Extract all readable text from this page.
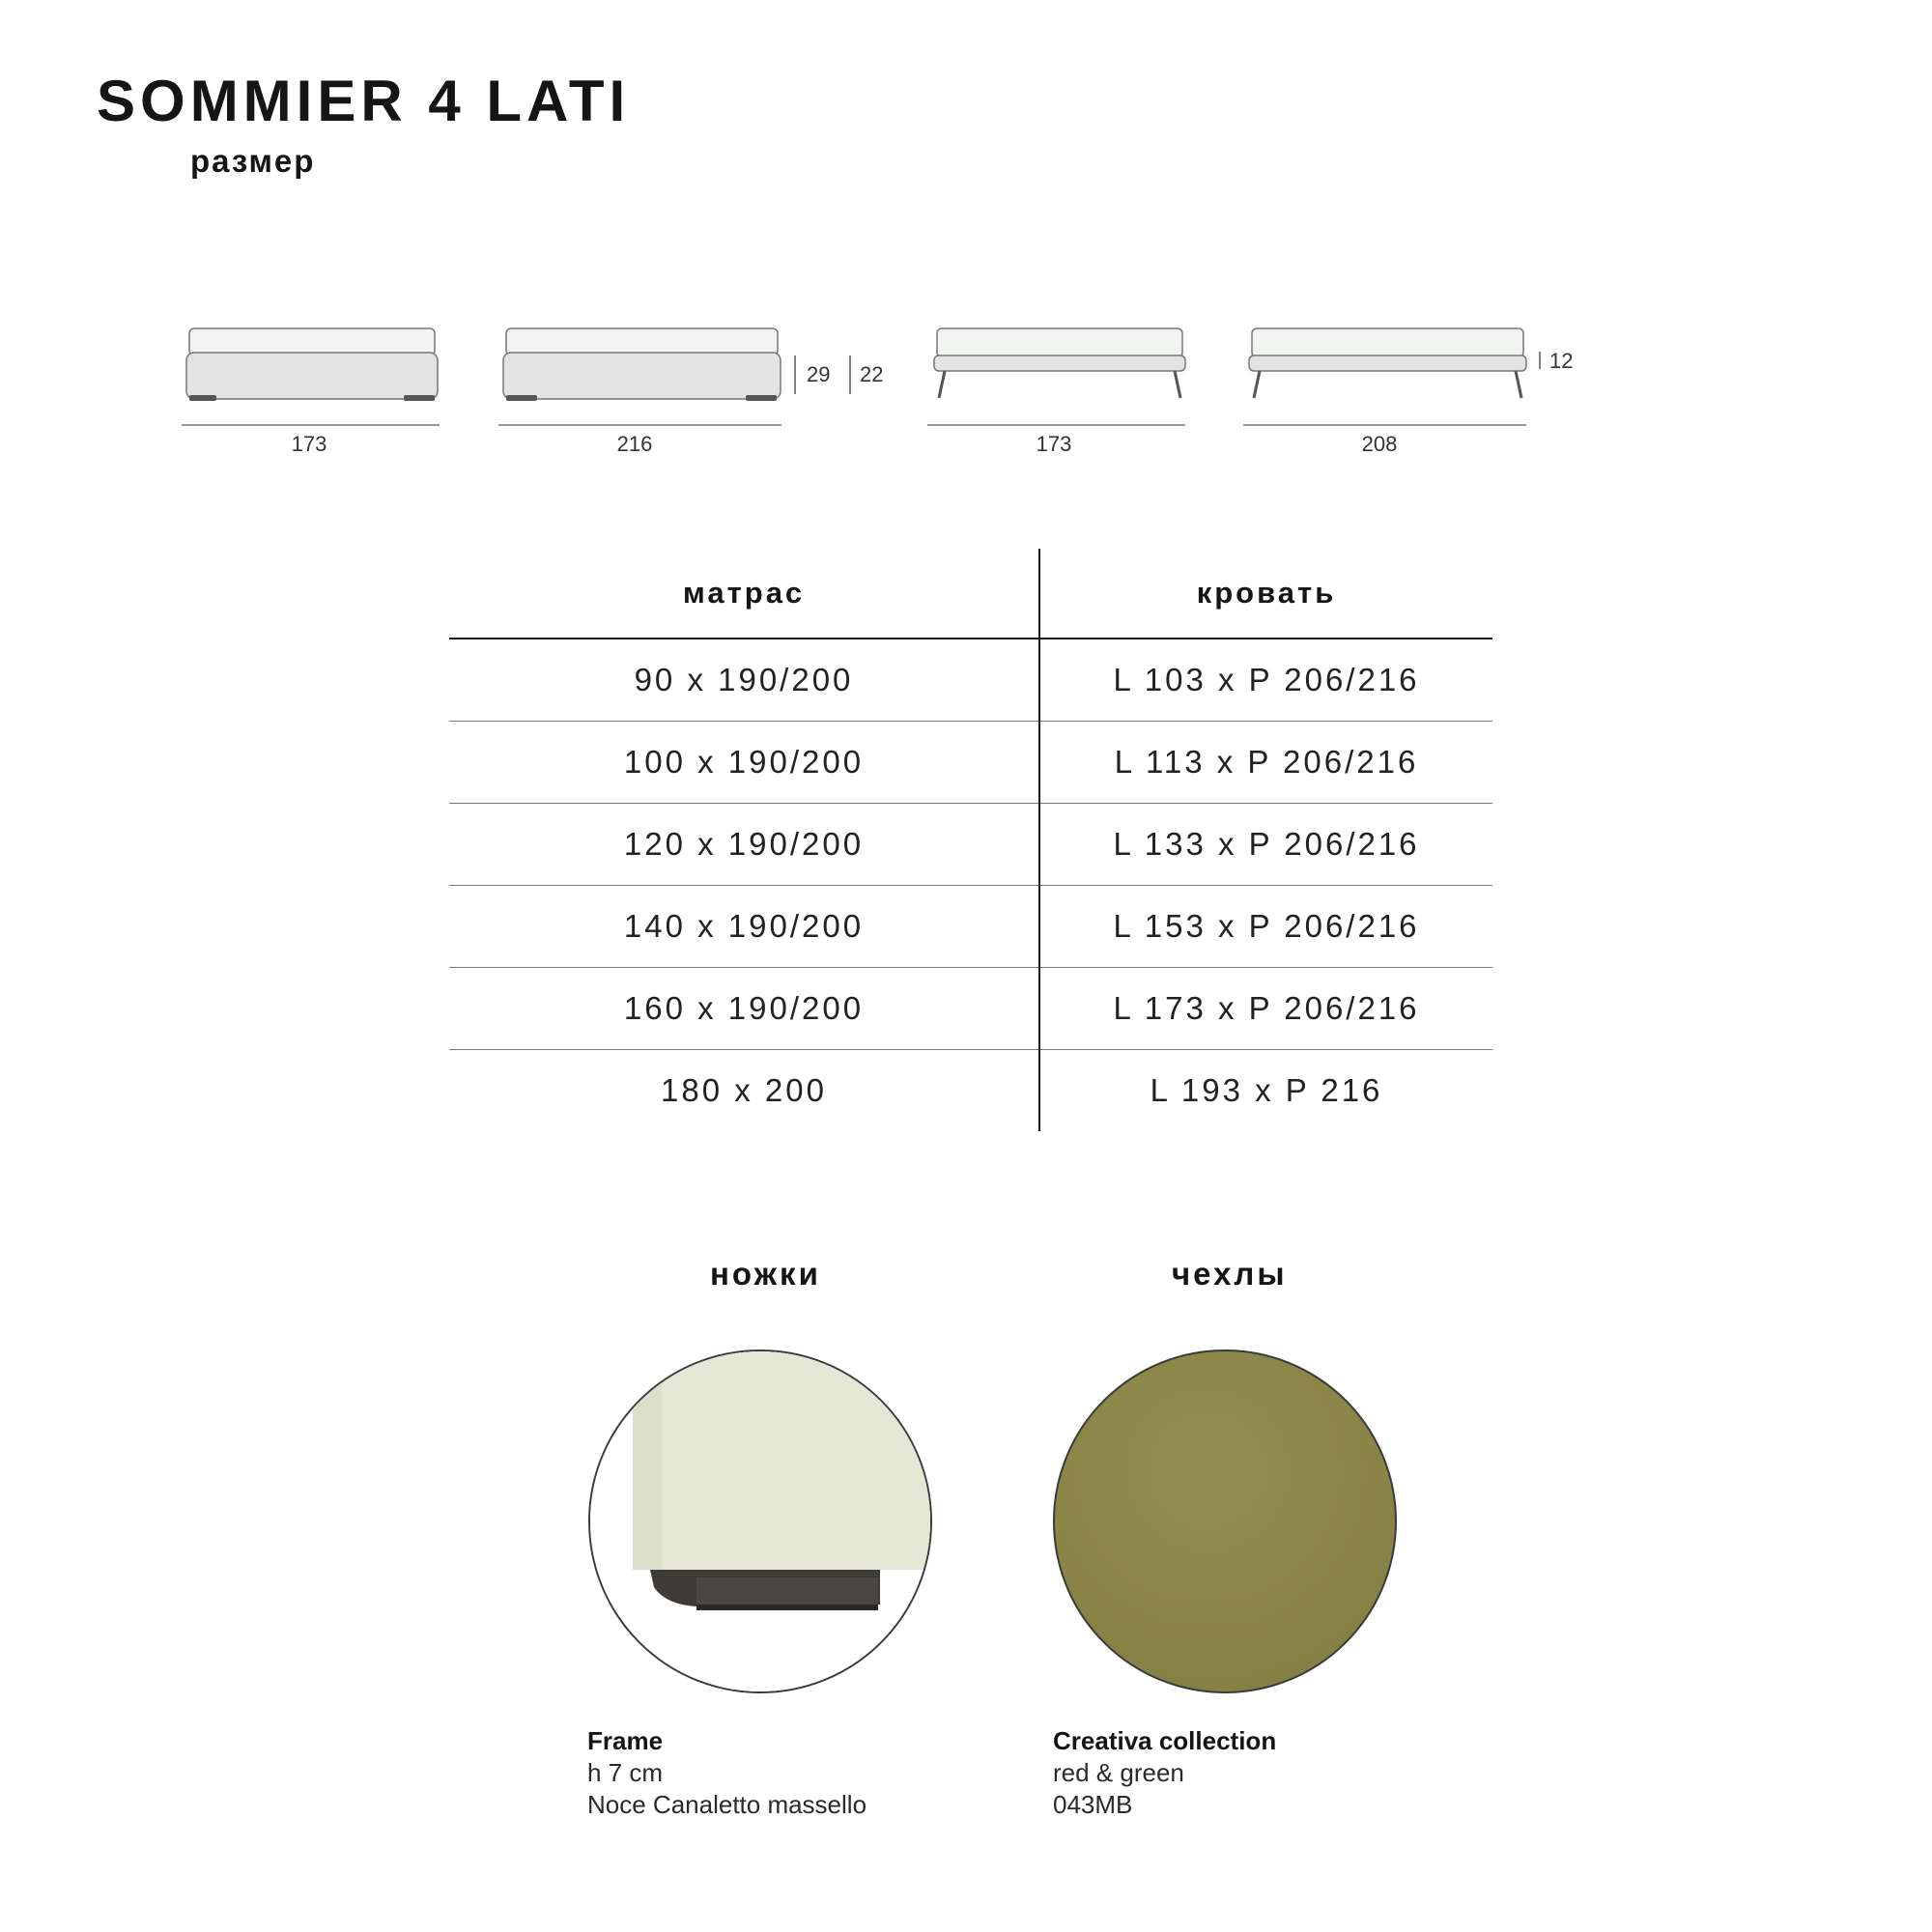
SOMMIER 4 LATI
размер
173	216
29 22
173	208
12
матрас	кровать
90 x 190/200	L 103 x P 206/216
100 x 190/200	L 113 x P 206/216
120 x 190/200	L 133 x P 206/216
140 x 190/200	L 153 x P 206/216
160 x 190/200	L 173 x P 206/216
180 x 200	L 193 x P 216
ножки
Frame
h 7 cm
Noce Canaletto massello
чехлы
Creativa collection
red & green
043MB
